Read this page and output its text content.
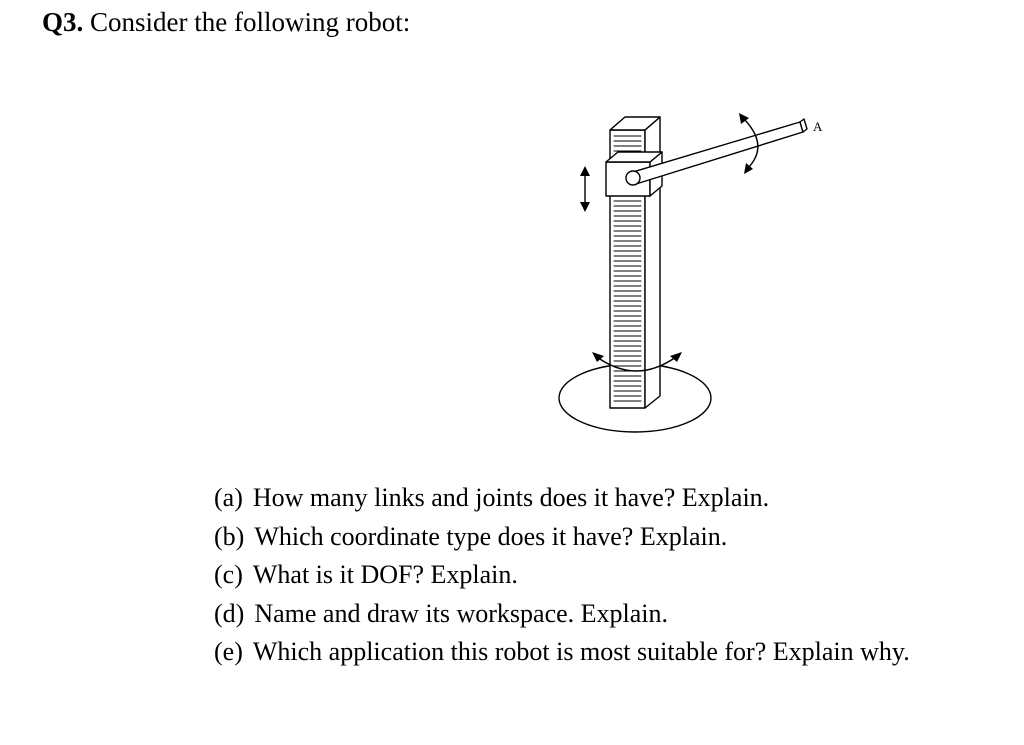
Q3. Consider the following robot:
A
(a) How many links and joints does it have? Explain.
(b) Which coordinate type does it have? Explain.
(c) What is it DOF? Explain.
(d) Name and draw its workspace. Explain.
(e) Which application this robot is most suitable for? Explain why.
